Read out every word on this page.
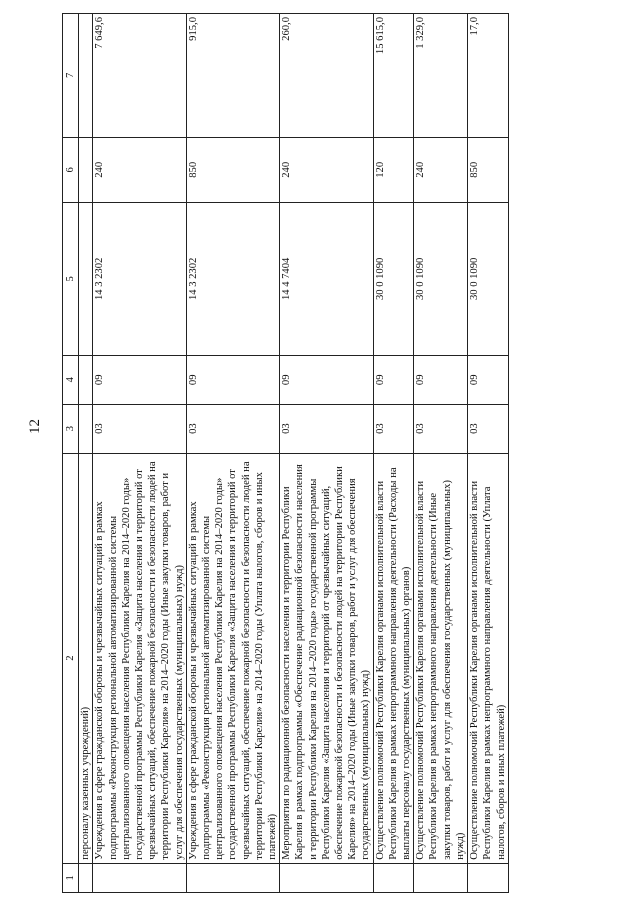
12
1	2	3	4	5	6	7
	персоналу казенных учреждений)					
	Учреждения в сфере гражданской обороны и чрезвычайных ситуаций в рамках подпрограммы «Реконструкция региональной автоматизированной системы централизованного оповещения населения Республики Карелия на 2014–2020 годы» государственной программы Республики Карелия «Защита населения и территорий от чрезвычайных ситуаций, обеспечение пожарной безопасности и безопасности людей на территории Республики Карелия» на 2014–2020 годы (Иные закупки товаров, работ и услуг для обеспечения государственных (муниципальных) нужд)	03	09	14 3 2302	240	7 649,6
	Учреждения в сфере гражданской обороны и чрезвычайных ситуаций в рамках подпрограммы «Реконструкция региональной автоматизированной системы централизованного оповещения населения Республики Карелия на 2014–2020 годы» государственной программы Республики Карелия «Защита населения и территорий от чрезвычайных ситуаций, обеспечение пожарной безопасности и безопасности людей на территории Республики Карелия» на 2014–2020 годы (Уплата налогов, сборов и иных платежей)	03	09	14 3 2302	850	915,0
	Мероприятия по радиационной безопасности населения и территории Республики Карелия в рамках подпрограммы «Обеспечение радиационной безопасности населения и территории Республики Карелия на 2014–2020 годы» государственной программы Республики Карелия «Защита населения и территорий от чрезвычайных ситуаций, обеспечение пожарной безопасности и безопасности людей на территории Республики Карелия» на 2014–2020 годы (Иные закупки товаров, работ и услуг для обеспечения государственных (муниципальных) нужд)	03	09	14 4 7404	240	260,0
	Осуществление полномочий Республики Карелия органами исполнительной власти Республики Карелия в рамках непрограммного направления деятельности (Расходы на выплаты персоналу государственных (муниципальных) органов)	03	09	30 0 1090	120	15 615,0
	Осуществление полномочий Республики Карелия органами исполнительной власти Республики Карелия в рамках непрограммного направления деятельности (Иные закупки товаров, работ и услуг для обеспечения государственных (муниципальных) нужд)	03	09	30 0 1090	240	1 329,0
	Осуществление полномочий Республики Карелия органами исполнительной власти Республики Карелия в рамках непрограммного направления деятельности (Уплата налогов, сборов и иных платежей)	03	09	30 0 1090	850	17,0
